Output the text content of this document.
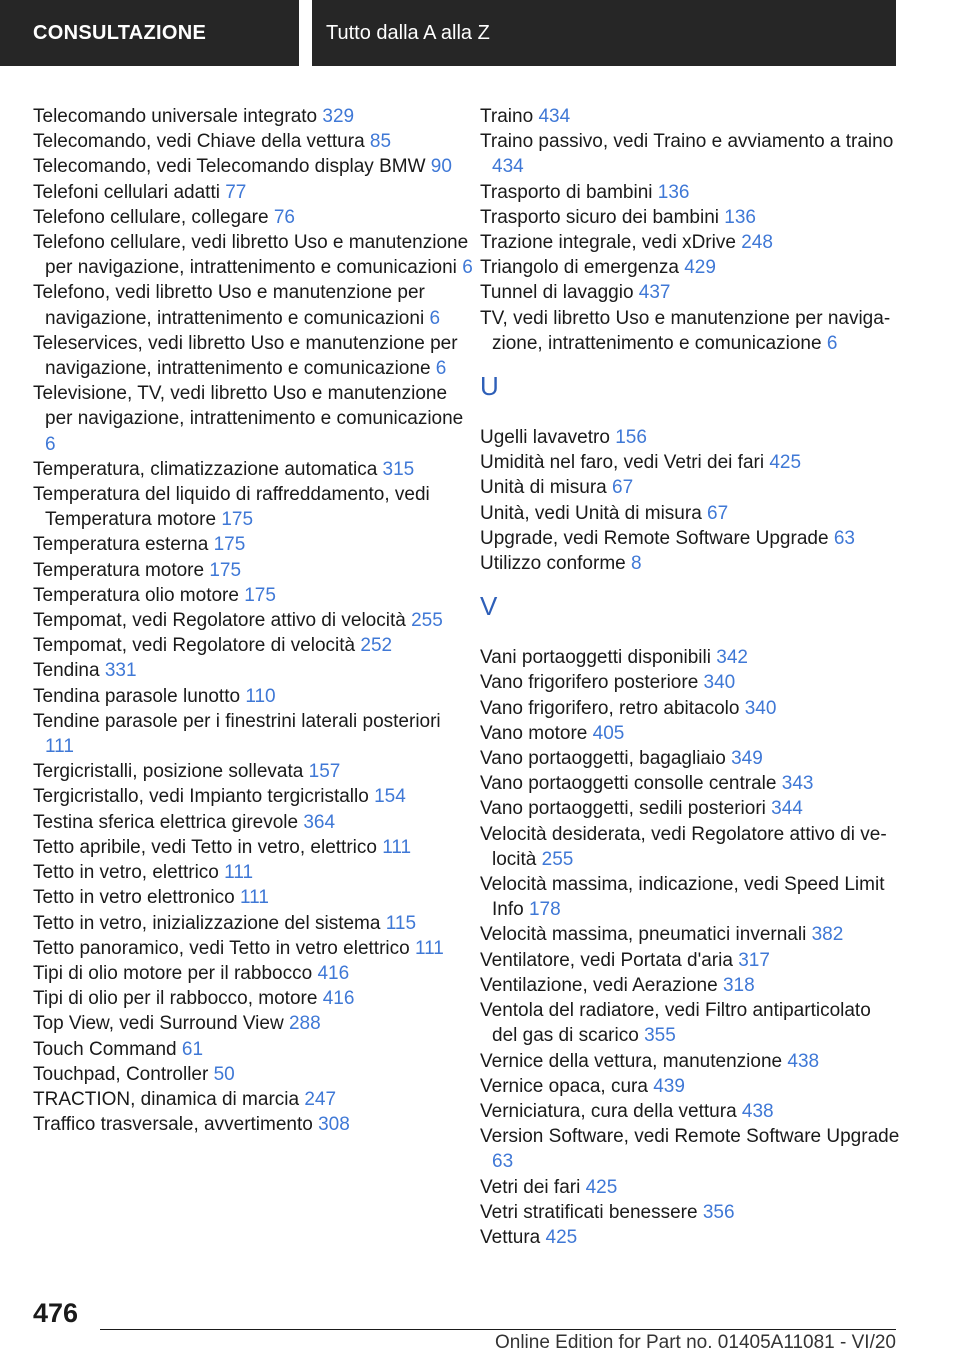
CONSULTAZIONE	Tutto dalla A alla Z

Telecomando universale integrato 329

Telecomando, vedi Chiave della vettura 85

Telecomando, vedi Telecomando display BMW 90

Telefoni cellulari adatti 77

Telefono cellulare, collegare 76

Telefono cellulare, vedi libretto Uso e manutenzione per navigazione, intrattenimento e comunicazioni 6

Telefono, vedi libretto Uso e manutenzione per navigazione, intrattenimento e comunicazioni 6

Teleservices, vedi libretto Uso e manutenzione per navigazione, intrattenimento e comunicazione 6

Televisione, TV, vedi libretto Uso e manutenzione per navigazione, intrattenimento e comunicazione 6

Temperatura, climatizzazione automatica 315

Temperatura del liquido di raffreddamento, vedi Temperatura motore 175

Temperatura esterna 175

Temperatura motore 175

Temperatura olio motore 175

Tempomat, vedi Regolatore attivo di velocità 255

Tempomat, vedi Regolatore di velocità 252

Tendina 331

Tendina parasole lunotto 110

Tendine parasole per i finestrini laterali posteriori 111

Tergicristalli, posizione sollevata 157

Tergicristallo, vedi Impianto tergicristallo 154

Testina sferica elettrica girevole 364

Tetto apribile, vedi Tetto in vetro, elettrico 111

Tetto in vetro, elettrico 111

Tetto in vetro elettronico 111

Tetto in vetro, inizializzazione del sistema 115

Tetto panoramico, vedi Tetto in vetro elettrico 111

Tipi di olio motore per il rabbocco 416

Tipi di olio per il rabbocco, motore 416

Top View, vedi Surround View 288

Touch Command 61

Touchpad, Controller 50

TRACTION, dinamica di marcia 247

Traffico trasversale, avvertimento 308

Traino 434

Traino passivo, vedi Traino e avviamento a traino 434

Trasporto di bambini 136

Trasporto sicuro dei bambini 136

Trazione integrale, vedi xDrive 248

Triangolo di emergenza 429

Tunnel di lavaggio 437

TV, vedi libretto Uso e manutenzione per navigazione, intrattenimento e comunicazione 6

U

Ugelli lavavetro 156

Umidità nel faro, vedi Vetri dei fari 425

Unità di misura 67

Unità, vedi Unità di misura 67

Upgrade, vedi Remote Software Upgrade 63

Utilizzo conforme 8

V

Vani portaoggetti disponibili 342

Vano frigorifero posteriore 340

Vano frigorifero, retro abitacolo 340

Vano motore 405

Vano portaoggetti, bagagliaio 349

Vano portaoggetti consolle centrale 343

Vano portaoggetti, sedili posteriori 344

Velocità desiderata, vedi Regolatore attivo di velocità 255

Velocità massima, indicazione, vedi Speed Limit Info 178

Velocità massima, pneumatici invernali 382

Ventilatore, vedi Portata d'aria 317

Ventilazione, vedi Aerazione 318

Ventola del radiatore, vedi Filtro antiparticolato del gas di scarico 355

Vernice della vettura, manutenzione 438

Vernice opaca, cura 439

Verniciatura, cura della vettura 438

Version Software, vedi Remote Software Upgrade 63

Vetri dei fari 425

Vetri stratificati benessere 356

Vettura 425

476
Online Edition for Part no. 01405A11081 - VI/20
